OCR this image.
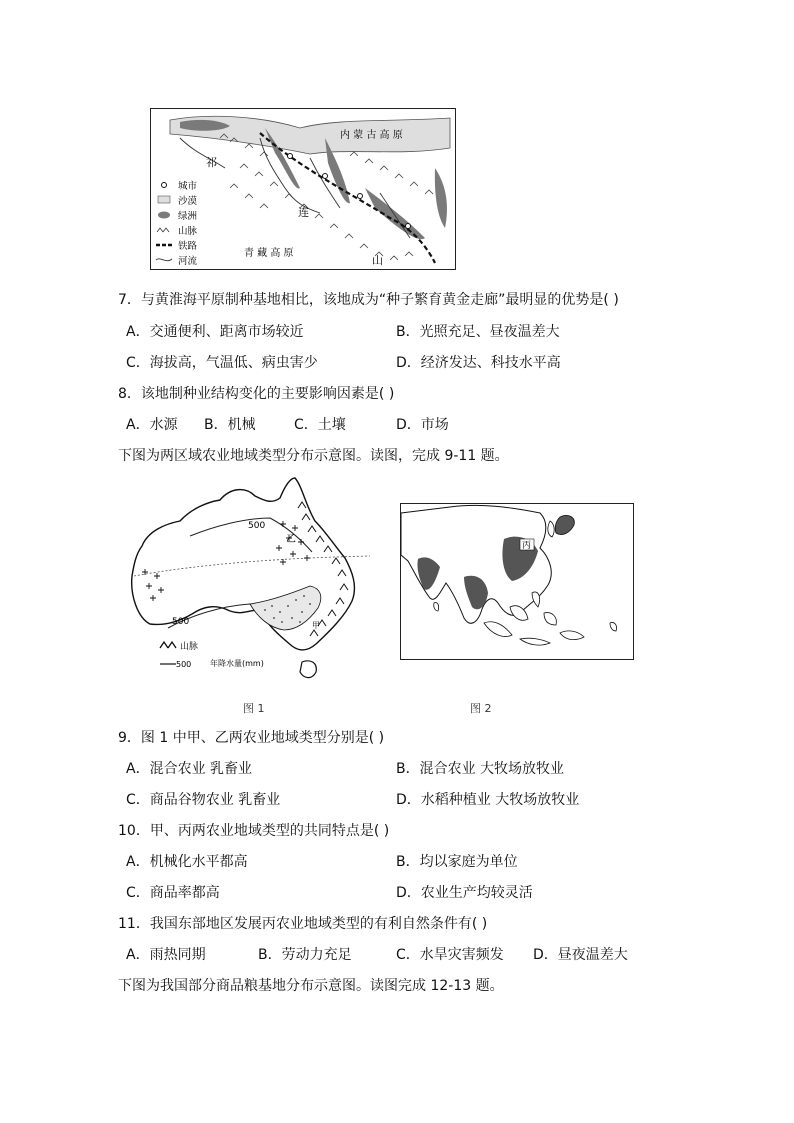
内 蒙 古 高 原
祁
连
山
青 藏 高 原
城市
沙漠
绿洲
山脉
铁路
河流
7．与黄淮海平原制种基地相比，该地成为“种子繁育黄金走廊”最明显的优势是( )
A．交通便利、距离市场较近	B．光照充足、昼夜温差大
C．海拔高，气温低、病虫害少	D．经济发达、科技水平高
8．该地制种业结构变化的主要影响因素是( )
A．水源 B．机械	C．土壤	D．市场
下图为两区域农业地域类型分布示意图。读图，完成 9-11 题。
500
500
乙
甲
山脉
500 年降水量(mm)
图 1
丙
图 2
9．图 1 中甲、乙两农业地域类型分别是( )
A．混合农业 乳畜业	B．混合农业 大牧场放牧业
C．商品谷物农业 乳畜业	D．水稻种植业 大牧场放牧业
10．甲、丙两农业地域类型的共同特点是( )
A．机械化水平都高	B．均以家庭为单位
C．商品率都高	D．农业生产均较灵活
11．我国东部地区发展丙农业地域类型的有利自然条件有( )
A．雨热同期	B．劳动力充足	C．水旱灾害频发 D．昼夜温差大
下图为我国部分商品粮基地分布示意图。读图完成 12-13 题。
